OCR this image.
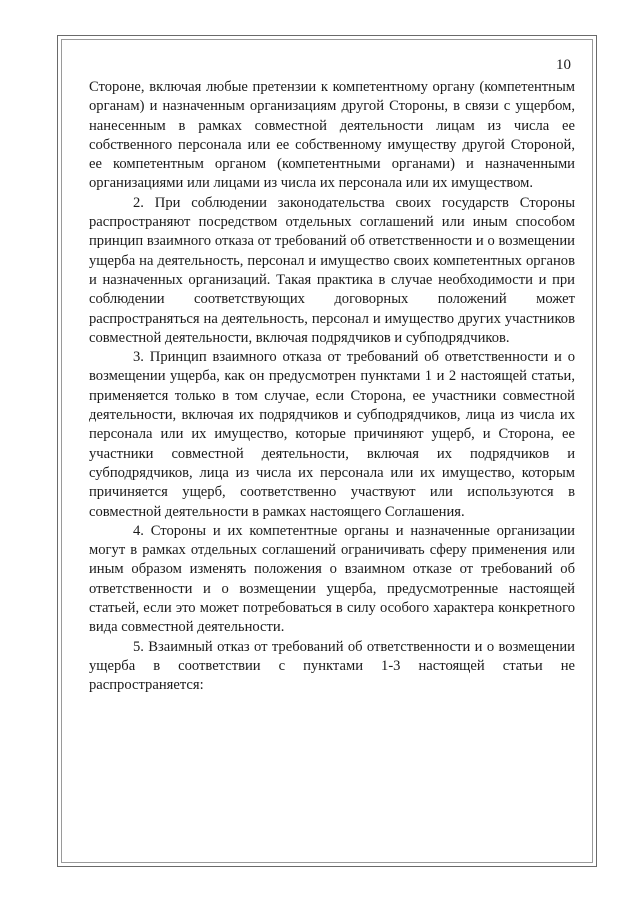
10

Стороне, включая любые претензии к компетентному органу (компетентным органам) и назначенным организациям другой Стороны, в связи с ущербом, нанесенным в рамках совместной деятельности лицам из числа ее собственного персонала или ее собственному имуществу другой Стороной, ее компетентным органом (компетентными органами) и назначенными организациями или лицами из числа их персонала или их имуществом.

2. При соблюдении законодательства своих государств Стороны распространяют посредством отдельных соглашений или иным способом принцип взаимного отказа от требований об ответственности и о возмещении ущерба на деятельность, персонал и имущество своих компетентных органов и назначенных организаций. Такая практика в случае необходимости и при соблюдении соответствующих договорных положений может распространяться на деятельность, персонал и имущество других участников совместной деятельности, включая подрядчиков и субподрядчиков.

3. Принцип взаимного отказа от требований об ответственности и о возмещении ущерба, как он предусмотрен пунктами 1 и 2 настоящей статьи, применяется только в том случае, если Сторона, ее участники совместной деятельности, включая их подрядчиков и субподрядчиков, лица из числа их персонала или их имущество, которые причиняют ущерб, и Сторона, ее участники совместной деятельности, включая их подрядчиков и субподрядчиков, лица из числа их персонала или их имущество, которым причиняется ущерб, соответственно участвуют или используются в совместной деятельности в рамках настоящего Соглашения.

4. Стороны и их компетентные органы и назначенные организации могут в рамках отдельных соглашений ограничивать сферу применения или иным образом изменять положения о взаимном отказе от требований об ответственности и о возмещении ущерба, предусмотренные настоящей статьей, если это может потребоваться в силу особого характера конкретного вида совместной деятельности.

5. Взаимный отказ от требований об ответственности и о возмещении ущерба в соответствии с пунктами 1-3 настоящей статьи не распространяется:
